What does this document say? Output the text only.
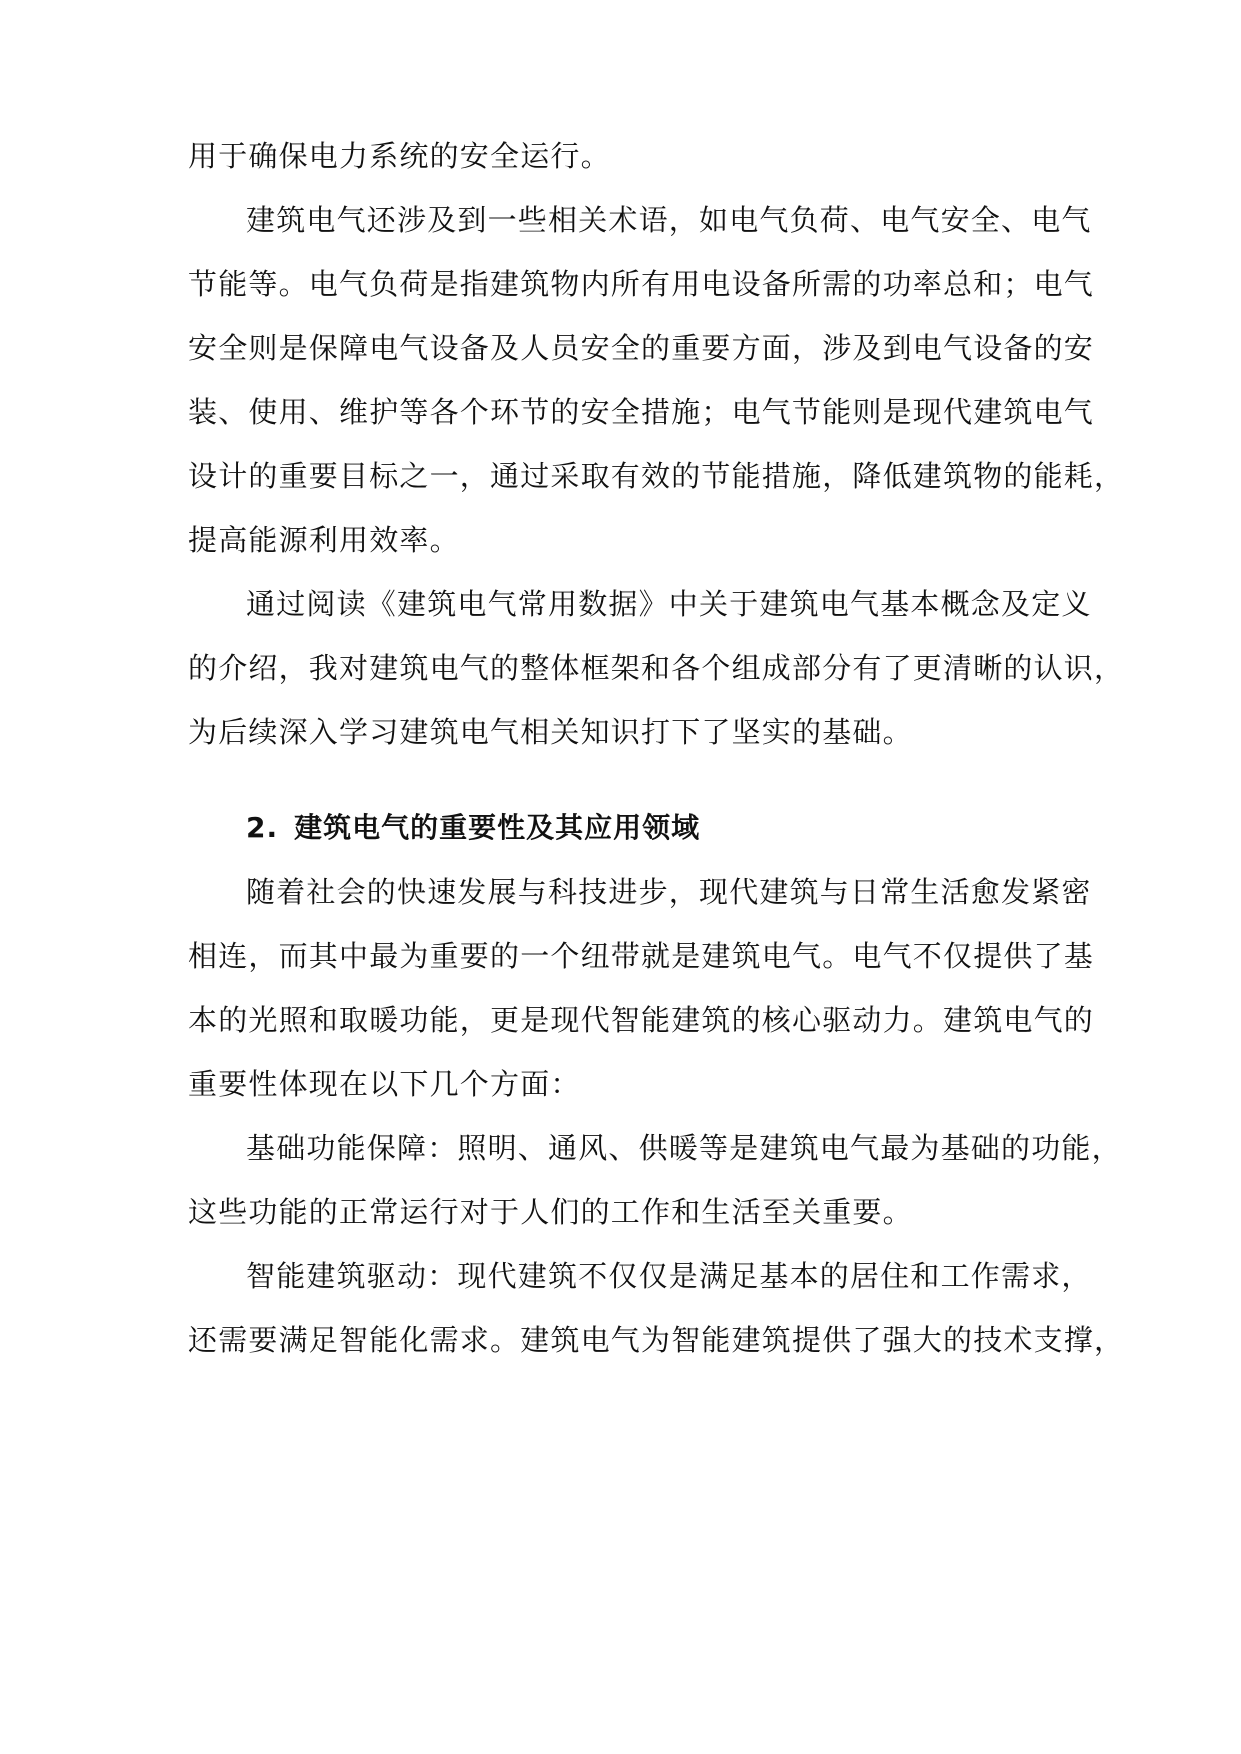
用于确保电力系统的安全运行。
建筑电气还涉及到一些相关术语，如电气负荷、电气安全、电气
节能等。电气负荷是指建筑物内所有用电设备所需的功率总和；电气
安全则是保障电气设备及人员安全的重要方面，涉及到电气设备的安
装、使用、维护等各个环节的安全措施；电气节能则是现代建筑电气
设计的重要目标之一，通过采取有效的节能措施，降低建筑物的能耗，
提高能源利用效率。
通过阅读《建筑电气常用数据》中关于建筑电气基本概念及定义
的介绍，我对建筑电气的整体框架和各个组成部分有了更清晰的认识，
为后续深入学习建筑电气相关知识打下了坚实的基础。
2. 建筑电气的重要性及其应用领域
随着社会的快速发展与科技进步，现代建筑与日常生活愈发紧密
相连，而其中最为重要的一个纽带就是建筑电气。电气不仅提供了基
本的光照和取暖功能，更是现代智能建筑的核心驱动力。建筑电气的
重要性体现在以下几个方面：
基础功能保障：照明、通风、供暖等是建筑电气最为基础的功能，
这些功能的正常运行对于人们的工作和生活至关重要。
智能建筑驱动：现代建筑不仅仅是满足基本的居住和工作需求，
还需要满足智能化需求。建筑电气为智能建筑提供了强大的技术支撑，
